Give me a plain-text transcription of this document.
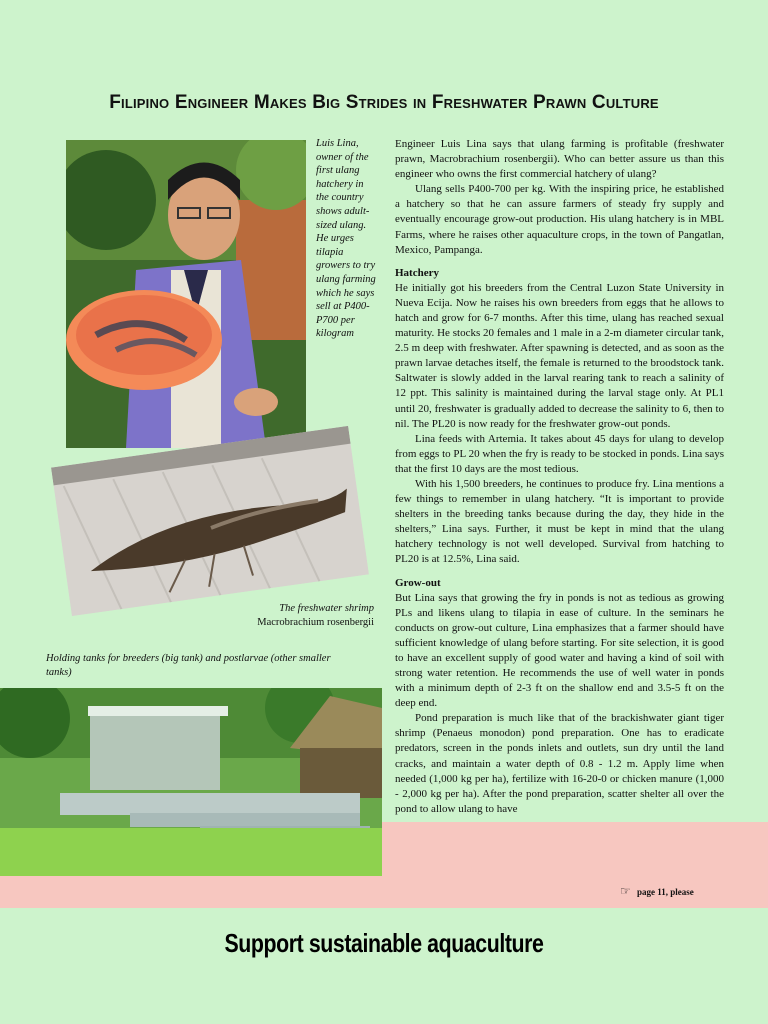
Filipino Engineer Makes Big Strides in Freshwater Prawn Culture
Luis Lina, owner of the first ulang hatchery in the country shows adult-sized ulang. He urges tilapia growers to try ulang farming which he says sell at P400-P700 per kilogram
The freshwater shrimp
Macrobrachium rosenbergii
Holding tanks for breeders (big tank) and postlarvae (other smaller tanks)

Engineer Luis Lina says that ulang farming is profitable (freshwater prawn, Macrobrachium rosenbergii). Who can better assure us than this engineer who owns the first commercial hatchery of ulang?

Ulang sells P400-700 per kg. With the inspiring price, he established a hatchery so that he can assure farmers of steady fry supply and eventually encourage grow-out production. His ulang hatchery is in MBL Farms, where he raises other aquaculture crops, in the town of Pangatlan, Mexico, Pampanga.

Hatchery

He initially got his breeders from the Central Luzon State University in Nueva Ecija. Now he raises his own breeders from eggs that he allows to hatch and grow for 6-7 months. After this time, ulang has reached sexual maturity. He stocks 20 females and 1 male in a 2-m diameter circular tank, 2.5 m deep with freshwater. After spawning is detected, and as soon as the prawn larvae detaches itself, the female is returned to the broodstock tank. Saltwater is slowly added in the larval rearing tank to reach a salinity of 12 ppt. This salinity is maintained during the larval stage only. At PL1 until 20, freshwater is gradually added to decrease the salinity to 6, then to nil. The PL20 is now ready for the freshwater grow-out ponds.

Lina feeds with Artemia. It takes about 45 days for ulang to develop from eggs to PL 20 when the fry is ready to be stocked in ponds. Lina says that the first 10 days are the most tedious.

With his 1,500 breeders, he continues to produce fry. Lina mentions a few things to remember in ulang hatchery. “It is important to provide shelters in the breeding tanks because during the day, they hide in the shelters,” Lina says. Further, it must be kept in mind that the ulang hatchery technology is not well developed. Survival from hatching to PL20 is at 12.5%, Lina said.

Grow-out

But Lina says that growing the fry in ponds is not as tedious as growing PLs and likens ulang to tilapia in ease of culture. In the seminars he conducts on grow-out culture, Lina emphasizes that a farmer should have sufficient knowledge of ulang before starting. For site selection, it is good to have an excellent supply of good water and having a kind of soil with strong water retention. He recommends the use of well water in ponds with a minimum depth of 2-3 ft on the shallow end and 3.5-5 ft on the deep end.

Pond preparation is much like that of the brackishwater giant tiger shrimp (Penaeus monodon) pond preparation. One has to eradicate predators, screen in the ponds inlets and outlets, sun dry until the land cracks, and maintain a water depth of 0.8 - 1.2 m. Apply lime when needed (1,000 kg per ha), fertilize with 16-20-0 or chicken manure (1,000 - 2,000 kg per ha). After the pond preparation, scatter shelter all over the pond to allow ulang to have

☞ page 11, please
Support sustainable aquaculture
